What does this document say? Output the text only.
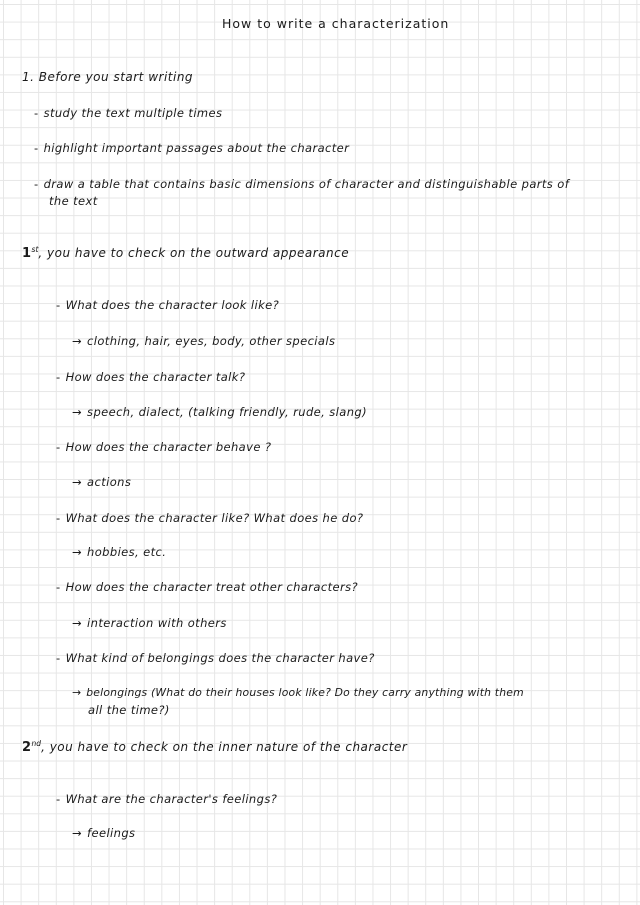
How to write a characterization
1. Before you start writing
- study the text multiple times
- highlight important passages about the character
- draw a table that contains basic dimensions of character and distinguishable parts of
the text
1st, you have to check on the outward appearance
- What does the character look like?
→ clothing, hair, eyes, body, other specials
- How does the character talk?
→ speech, dialect, (talking friendly, rude, slang)
- How does the character behave ?
→ actions
- What does the character like? What does he do?
→ hobbies, etc.
- How does the character treat other characters?
→ interaction with others
- What kind of belongings does the character have?
→ belongings (What do their houses look like? Do they carry anything with them
all the time?)
2nd, you have to check on the inner nature of the character
- What are the character's feelings?
→ feelings
